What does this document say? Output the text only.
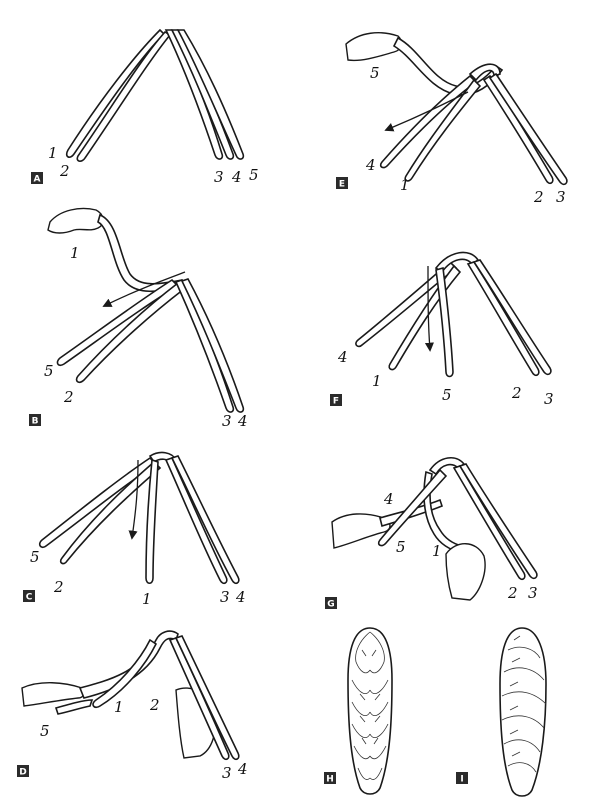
1
2	3 4 5
A
1
5
2
3 4
B
5
2
1	3 4
C
5
1 2
3 4
D
5
4
1
2 3
E
4
1
5	2 3
F
4
5 1
2 3
G
H	I
